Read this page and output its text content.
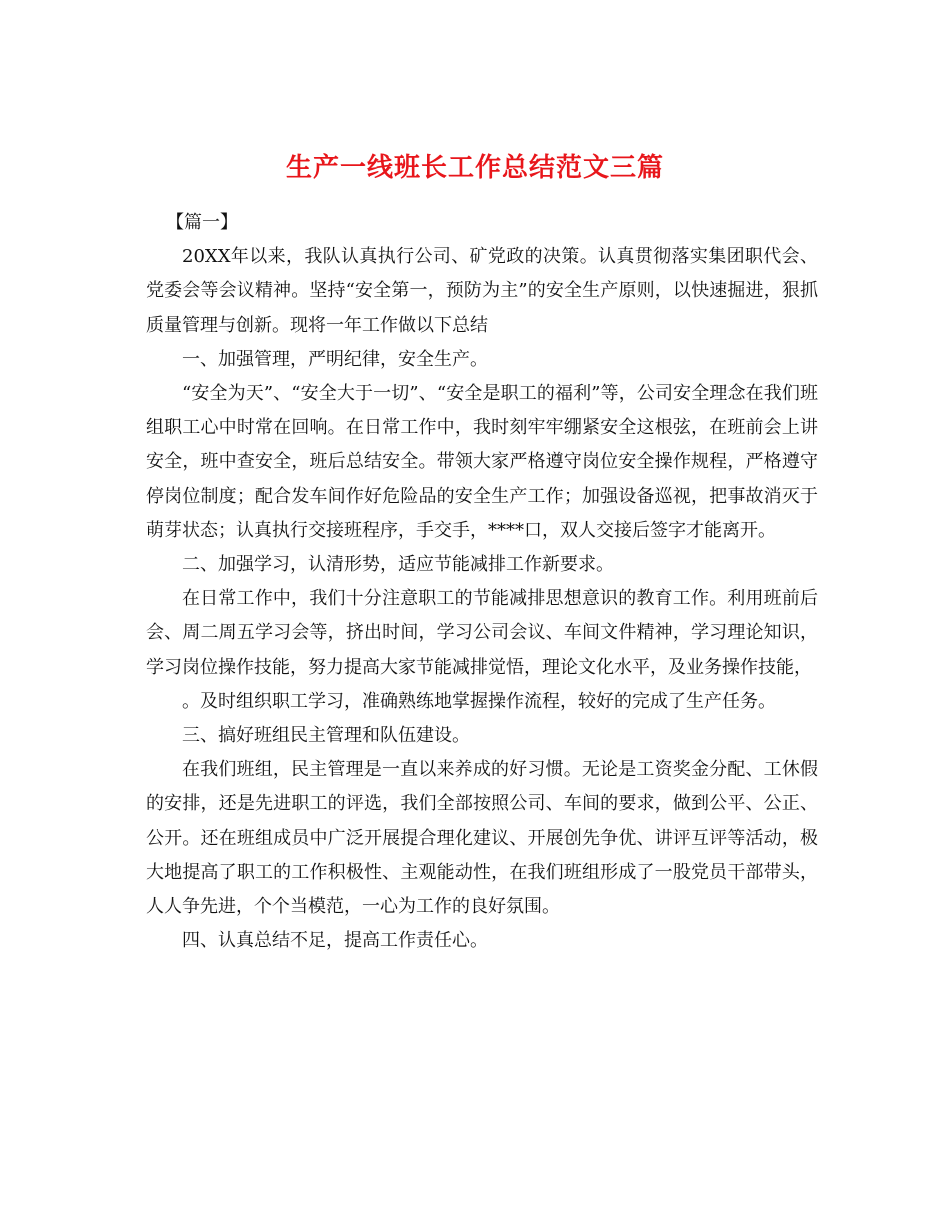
生产一线班长工作总结范文三篇

【篇一】

20XX年以来，我队认真执行公司、矿党政的决策。认真贯彻落实集团职代会、党委会等会议精神。坚持“安全第一，预防为主”的安全生产原则，以快速掘进，狠抓质量管理与创新。现将一年工作做以下总结

一、加强管理，严明纪律，安全生产。

“安全为天”、“安全大于一切”、“安全是职工的福利”等，公司安全理念在我们班组职工心中时常在回响。在日常工作中，我时刻牢牢绷紧安全这根弦，在班前会上讲安全，班中查安全，班后总结安全。带领大家严格遵守岗位安全操作规程，严格遵守停岗位制度；配合发车间作好危险品的安全生产工作；加强设备巡视，把事故消灭于萌芽状态；认真执行交接班程序，手交手，****口，双人交接后签字才能离开。

二、加强学习，认清形势，适应节能减排工作新要求。

在日常工作中，我们十分注意职工的节能减排思想意识的教育工作。利用班前后会、周二周五学习会等，挤出时间，学习公司会议、车间文件精神，学习理论知识，学习岗位操作技能，努力提高大家节能减排觉悟，理论文化水平，及业务操作技能，

。及时组织职工学习，准确熟练地掌握操作流程，较好的完成了生产任务。

三、搞好班组民主管理和队伍建设。

在我们班组，民主管理是一直以来养成的好习惯。无论是工资奖金分配、工休假的安排，还是先进职工的评选，我们全部按照公司、车间的要求，做到公平、公正、公开。还在班组成员中广泛开展提合理化建议、开展创先争优、讲评互评等活动，极大地提高了职工的工作积极性、主观能动性，在我们班组形成了一股党员干部带头，人人争先进，个个当模范，一心为工作的良好氛围。

四、认真总结不足，提高工作责任心。
